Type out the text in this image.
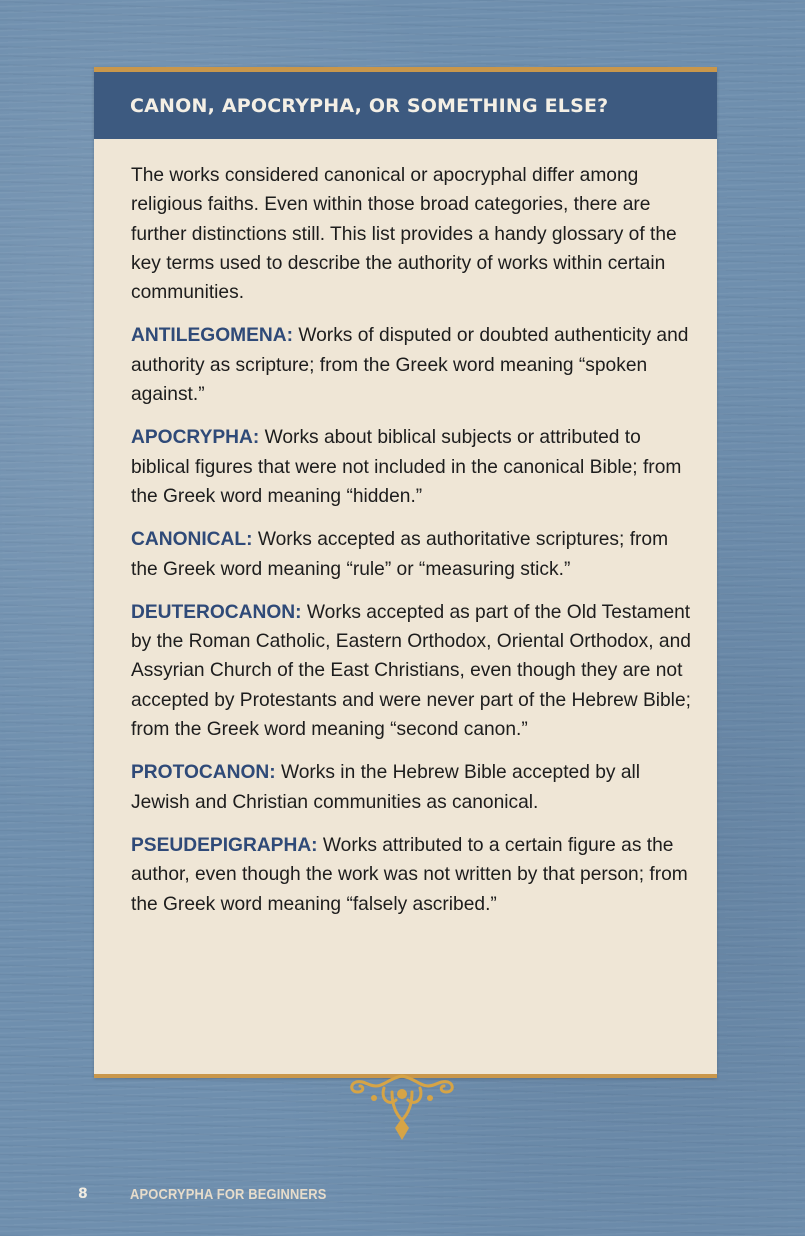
CANON, APOCRYPHA, OR SOMETHING ELSE?

The works considered canonical or apocryphal differ among religious faiths. Even within those broad categories, there are further distinctions still. This list provides a handy glossary of the key terms used to describe the authority of works within certain communities.

ANTILEGOMENA: Works of disputed or doubted authenticity and authority as scripture; from the Greek word meaning “spoken against.”

APOCRYPHA: Works about biblical subjects or attributed to biblical figures that were not included in the canonical Bible; from the Greek word meaning “hidden.”

CANONICAL: Works accepted as authoritative scriptures; from the Greek word meaning “rule” or “measuring stick.”

DEUTEROCANON: Works accepted as part of the Old Testament by the Roman Catholic, Eastern Orthodox, Oriental Orthodox, and Assyrian Church of the East Christians, even though they are not accepted by Protestants and were never part of the Hebrew Bible; from the Greek word meaning “second canon.”

PROTOCANON: Works in the Hebrew Bible accepted by all Jewish and Christian communities as canonical.

PSEUDEPIGRAPHA: Works attributed to a certain figure as the author, even though the work was not written by that person; from the Greek word meaning “falsely ascribed.”

8	APOCRYPHA FOR BEGINNERS
